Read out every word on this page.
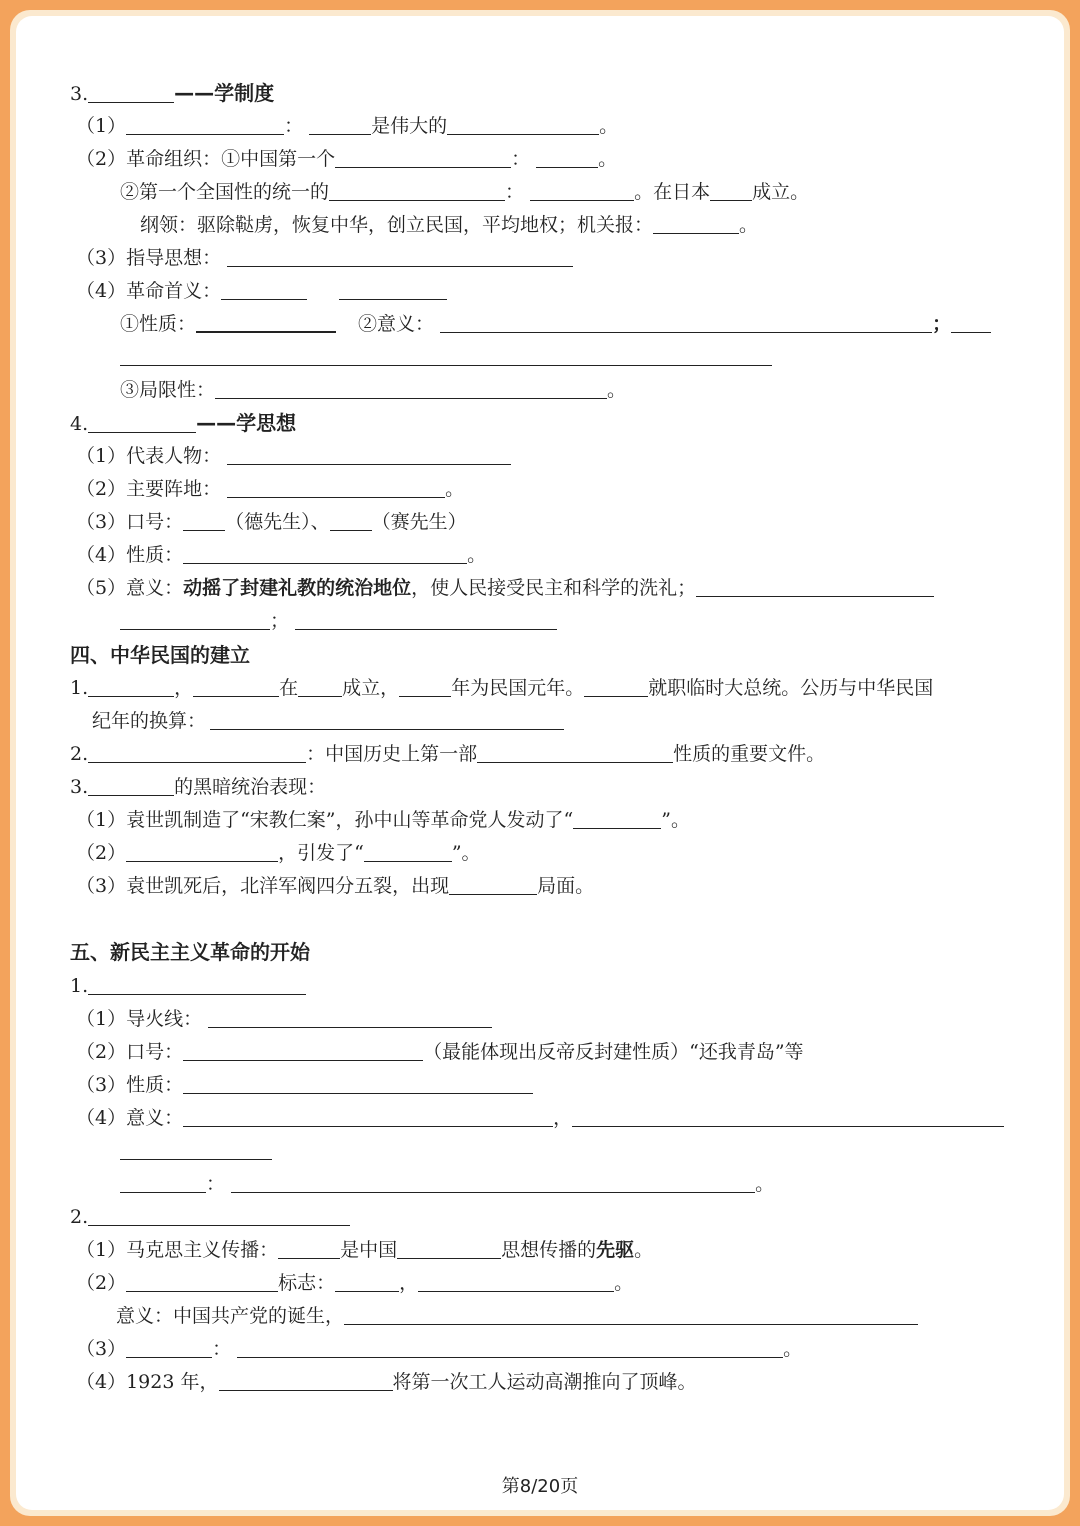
3.	——学制度
（1）	：	是伟大的	。
（2）革命组织：①中国第一个	：	。
②第一个全国性的统一的	：	。在日本 成立。
纲领：驱除鞑虏，恢复中华，创立民国，平均地权；机关报：	。
（3）指导思想：
（4）革命首义：
①性质：	②意义：	；
③局限性：	。
4.	——学思想
（1）代表人物：
（2）主要阵地：	。
（3）口号： （德先生）、 （赛先生）
（4）性质：	。
（5）意义：动摇了封建礼教的统治地位，使人民接受民主和科学的洗礼；
；
四、中华民国的建立
1.	，	在 成立，	年为民国元年。	就职临时大总统。公历与中华民国
纪年的换算：
2.	：中国历史上第一部	性质的重要文件。
3.	的黑暗统治表现：
（1）袁世凯制造了“宋教仁案”，孙中山等革命党人发动了“	”。
（2）	，引发了“	”。
（3）袁世凯死后，北洋军阀四分五裂，出现	局面。
五、新民主主义革命的开始
1.
（1）导火线：
（2）口号：	（最能体现出反帝反封建性质）“还我青岛”等
（3）性质：
（4）意义：	，
：	。
2.
（1）马克思主义传播：	是中国	思想传播的先驱。
（2）	标志：	，	。
意义：中国共产党的诞生，
（3）	：	。
（4）1923 年，	将第一次工人运动高潮推向了顶峰。
第8/20页
